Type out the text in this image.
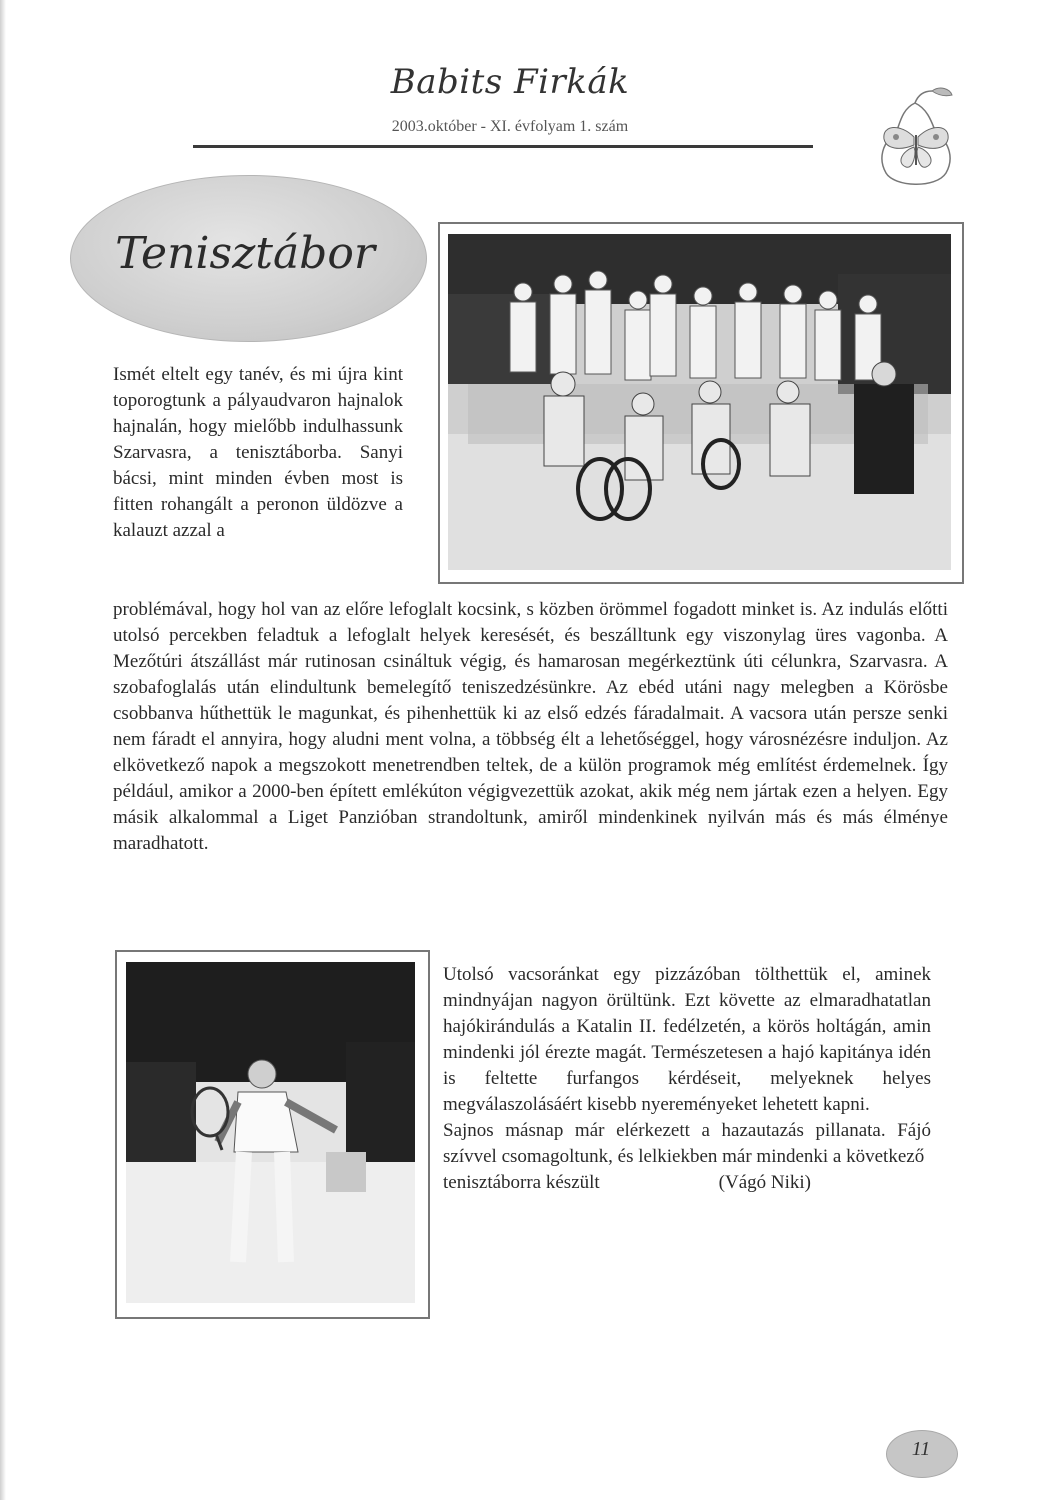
Babits Firkák
2003.október - XI. évfolyam 1. szám
Tenisztábor
Ismét eltelt egy tanév, és mi újra kint toporogtunk a pályaudvaron hajnalok hajnalán, hogy mielőbb indulhassunk Szarvasra, a tenisztáborba. Sanyi bácsi, mint minden évben most is fitten rohangált a peronon üldözve a kalauzt azzal a
problémával, hogy hol van az előre lefoglalt kocsink, s közben örömmel fogadott minket is. Az indulás előtti utolsó percekben feladtuk a lefoglalt helyek keresését, és beszálltunk egy viszonylag üres vagonba. A Mezőtúri átszállást már rutinosan csináltuk végig, és hamarosan megérkeztünk úti célunkra, Szarvasra. A szobafoglalás után elindultunk bemelegítő teniszedzésünkre. Az ebéd utáni nagy melegben a Körösbe csobbanva hűthettük le magunkat, és pihenhettük ki az első edzés fáradalmait. A vacsora után persze senki nem fáradt el annyira, hogy aludni ment volna, a többség élt a lehetőséggel, hogy városnézésre induljon. Az elkövetkező napok a megszokott menetrendben teltek, de a külön programok még említést érdemelnek. Így például, amikor a 2000-ben épített emlékúton végigvezettük azokat, akik még nem jártak ezen a helyen. Egy másik alkalommal a Liget Panzióban strandoltunk, amiről mindenkinek nyilván más és más élménye maradhatott.

Utolsó vacsoránkat egy pizzázóban tölthettük el, aminek mindnyájan nagyon örültünk. Ezt követte az elmaradhatatlan hajókirándulás a Katalin II. fedélzetén, a körös holtágán, amin mindenki jól érezte magát. Természetesen a hajó kapitánya idén is feltette furfangos kérdéseit, melyeknek helyes megválaszolásáért kisebb nyereményeket lehetett kapni.

Sajnos másnap már elérkezett a hazautazás pillanata. Fájó szívvel csomagoltunk, és lelkiekben már mindenki a következő

tenisztáborra készült	(Vágó Niki)
11
